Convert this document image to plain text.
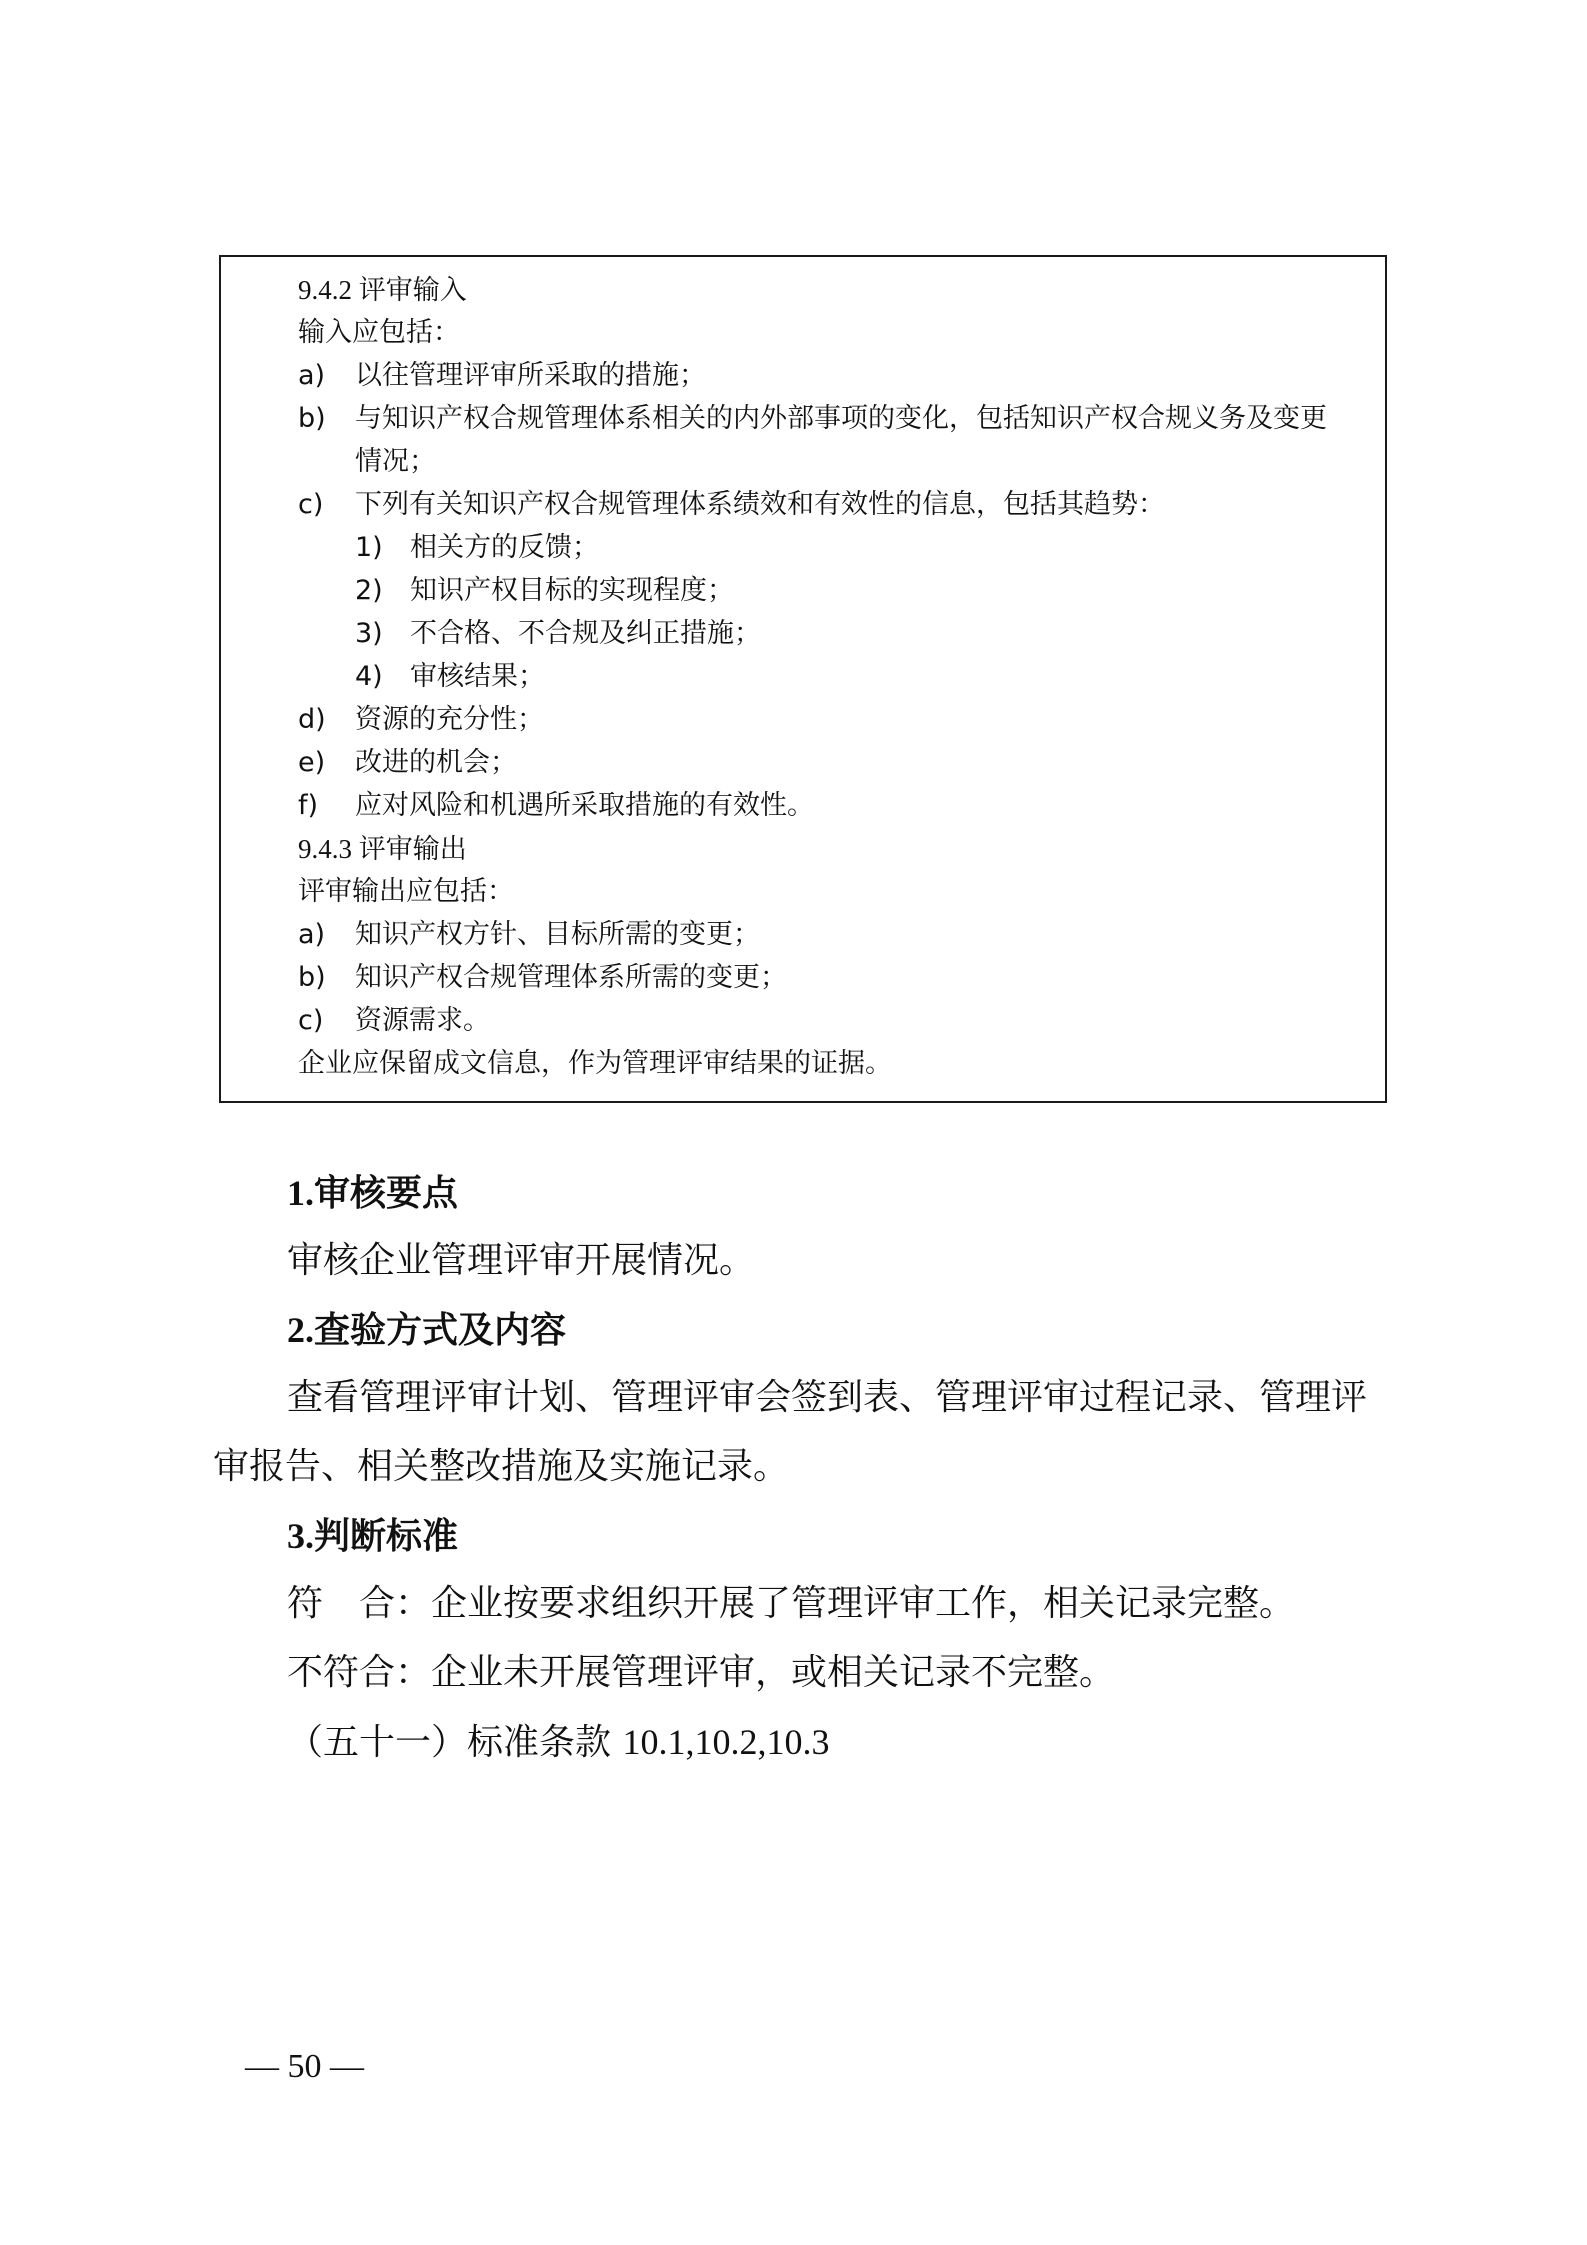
9.4.2 评审输入
输入应包括：
a) 以往管理评审所采取的措施；
b) 与知识产权合规管理体系相关的内外部事项的变化，包括知识产权合规义务及变更
情况；
c) 下列有关知识产权合规管理体系绩效和有效性的信息，包括其趋势：
1) 相关方的反馈；
2) 知识产权目标的实现程度；
3) 不合格、不合规及纠正措施；
4) 审核结果；
d) 资源的充分性；
e) 改进的机会；
f) 应对风险和机遇所采取措施的有效性。
9.4.3 评审输出
评审输出应包括：
a) 知识产权方针、目标所需的变更；
b) 知识产权合规管理体系所需的变更；
c) 资源需求。
企业应保留成文信息，作为管理评审结果的证据。
1.审核要点
审核企业管理评审开展情况。
2.查验方式及内容
查看管理评审计划、管理评审会签到表、管理评审过程记录、管理评
审报告、相关整改措施及实施记录。
3.判断标准
符　合：企业按要求组织开展了管理评审工作，相关记录完整。
不符合：企业未开展管理评审，或相关记录不完整。
（五十一）标准条款 10.1,10.2,10.3
— 50 —
